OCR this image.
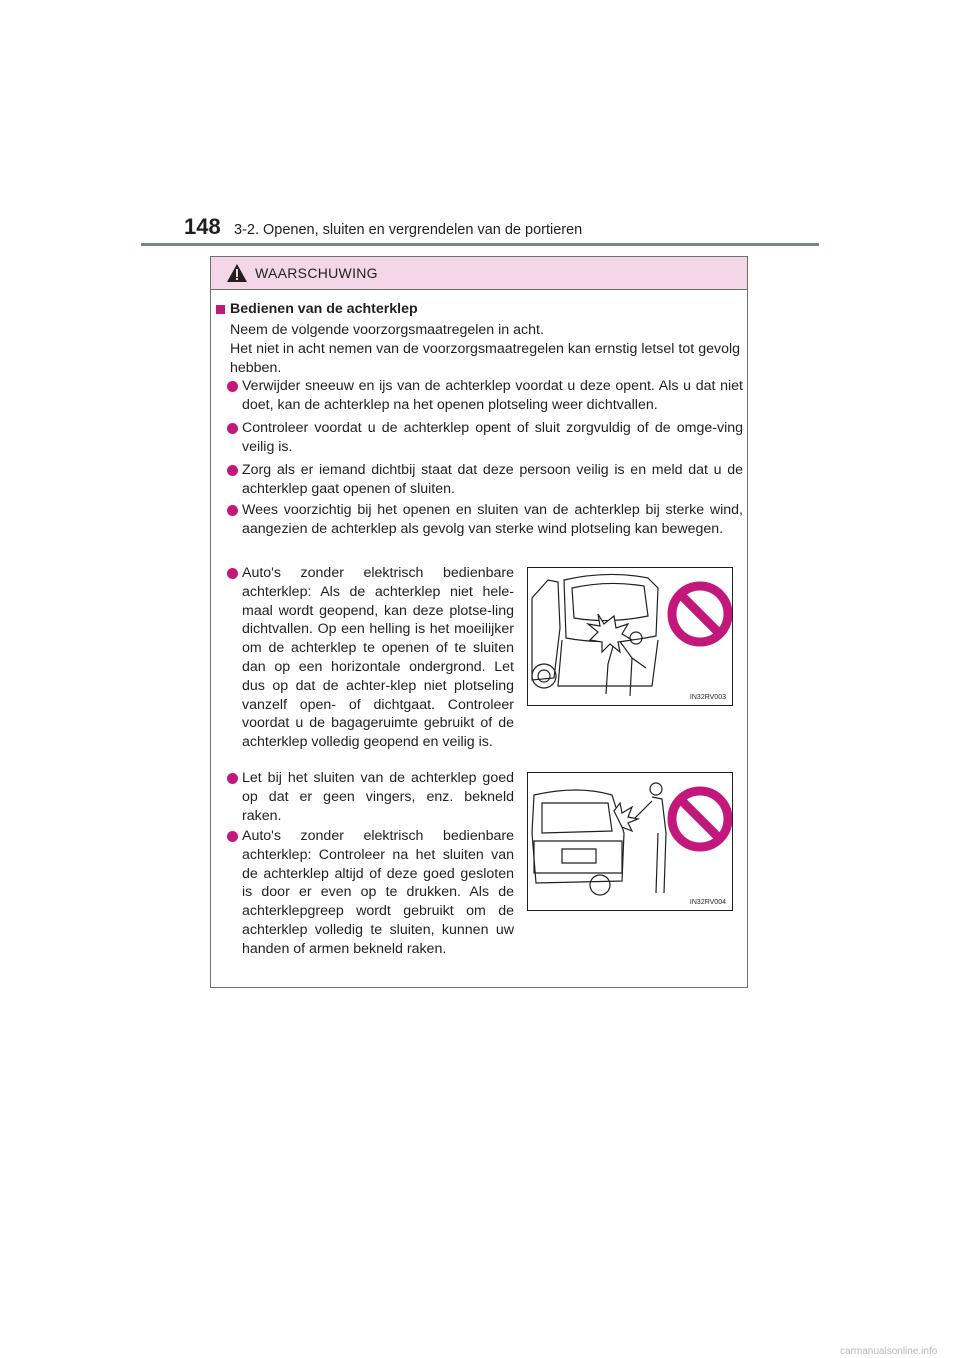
148 3-2. Openen, sluiten en vergrendelen van de portieren
WAARSCHUWING
Bedienen van de achterklep
Neem de volgende voorzorgsmaatregelen in acht.
Het niet in acht nemen van de voorzorgsmaatregelen kan ernstig letsel tot gevolg hebben.
Verwijder sneeuw en ijs van de achterklep voordat u deze opent. Als u dat niet doet, kan de achterklep na het openen plotseling weer dichtvallen.
Controleer voordat u de achterklep opent of sluit zorgvuldig of de omge-ving veilig is.
Zorg als er iemand dichtbij staat dat deze persoon veilig is en meld dat u de achterklep gaat openen of sluiten.
Wees voorzichtig bij het openen en sluiten van de achterklep bij sterke wind, aangezien de achterklep als gevolg van sterke wind plotseling kan bewegen.
Auto's zonder elektrisch bedienbare achterklep: Als de achterklep niet hele-maal wordt geopend, kan deze plotse-ling dichtvallen. Op een helling is het moeilijker om de achterklep te openen of te sluiten dan op een horizontale ondergrond. Let dus op dat de achter-klep niet plotseling vanzelf open- of dichtgaat. Controleer voordat u de bagageruimte gebruikt of de achterklep volledig geopend en veilig is.
Let bij het sluiten van de achterklep goed op dat er geen vingers, enz. bekneld raken.
Auto's zonder elektrisch bedienbare achterklep: Controleer na het sluiten van de achterklep altijd of deze goed gesloten is door er even op te drukken. Als de achterklepgreep wordt gebruikt om de achterklep volledig te sluiten, kunnen uw handen of armen bekneld raken.
IN32RV003
IN32RV004
carmanualsonline.info
